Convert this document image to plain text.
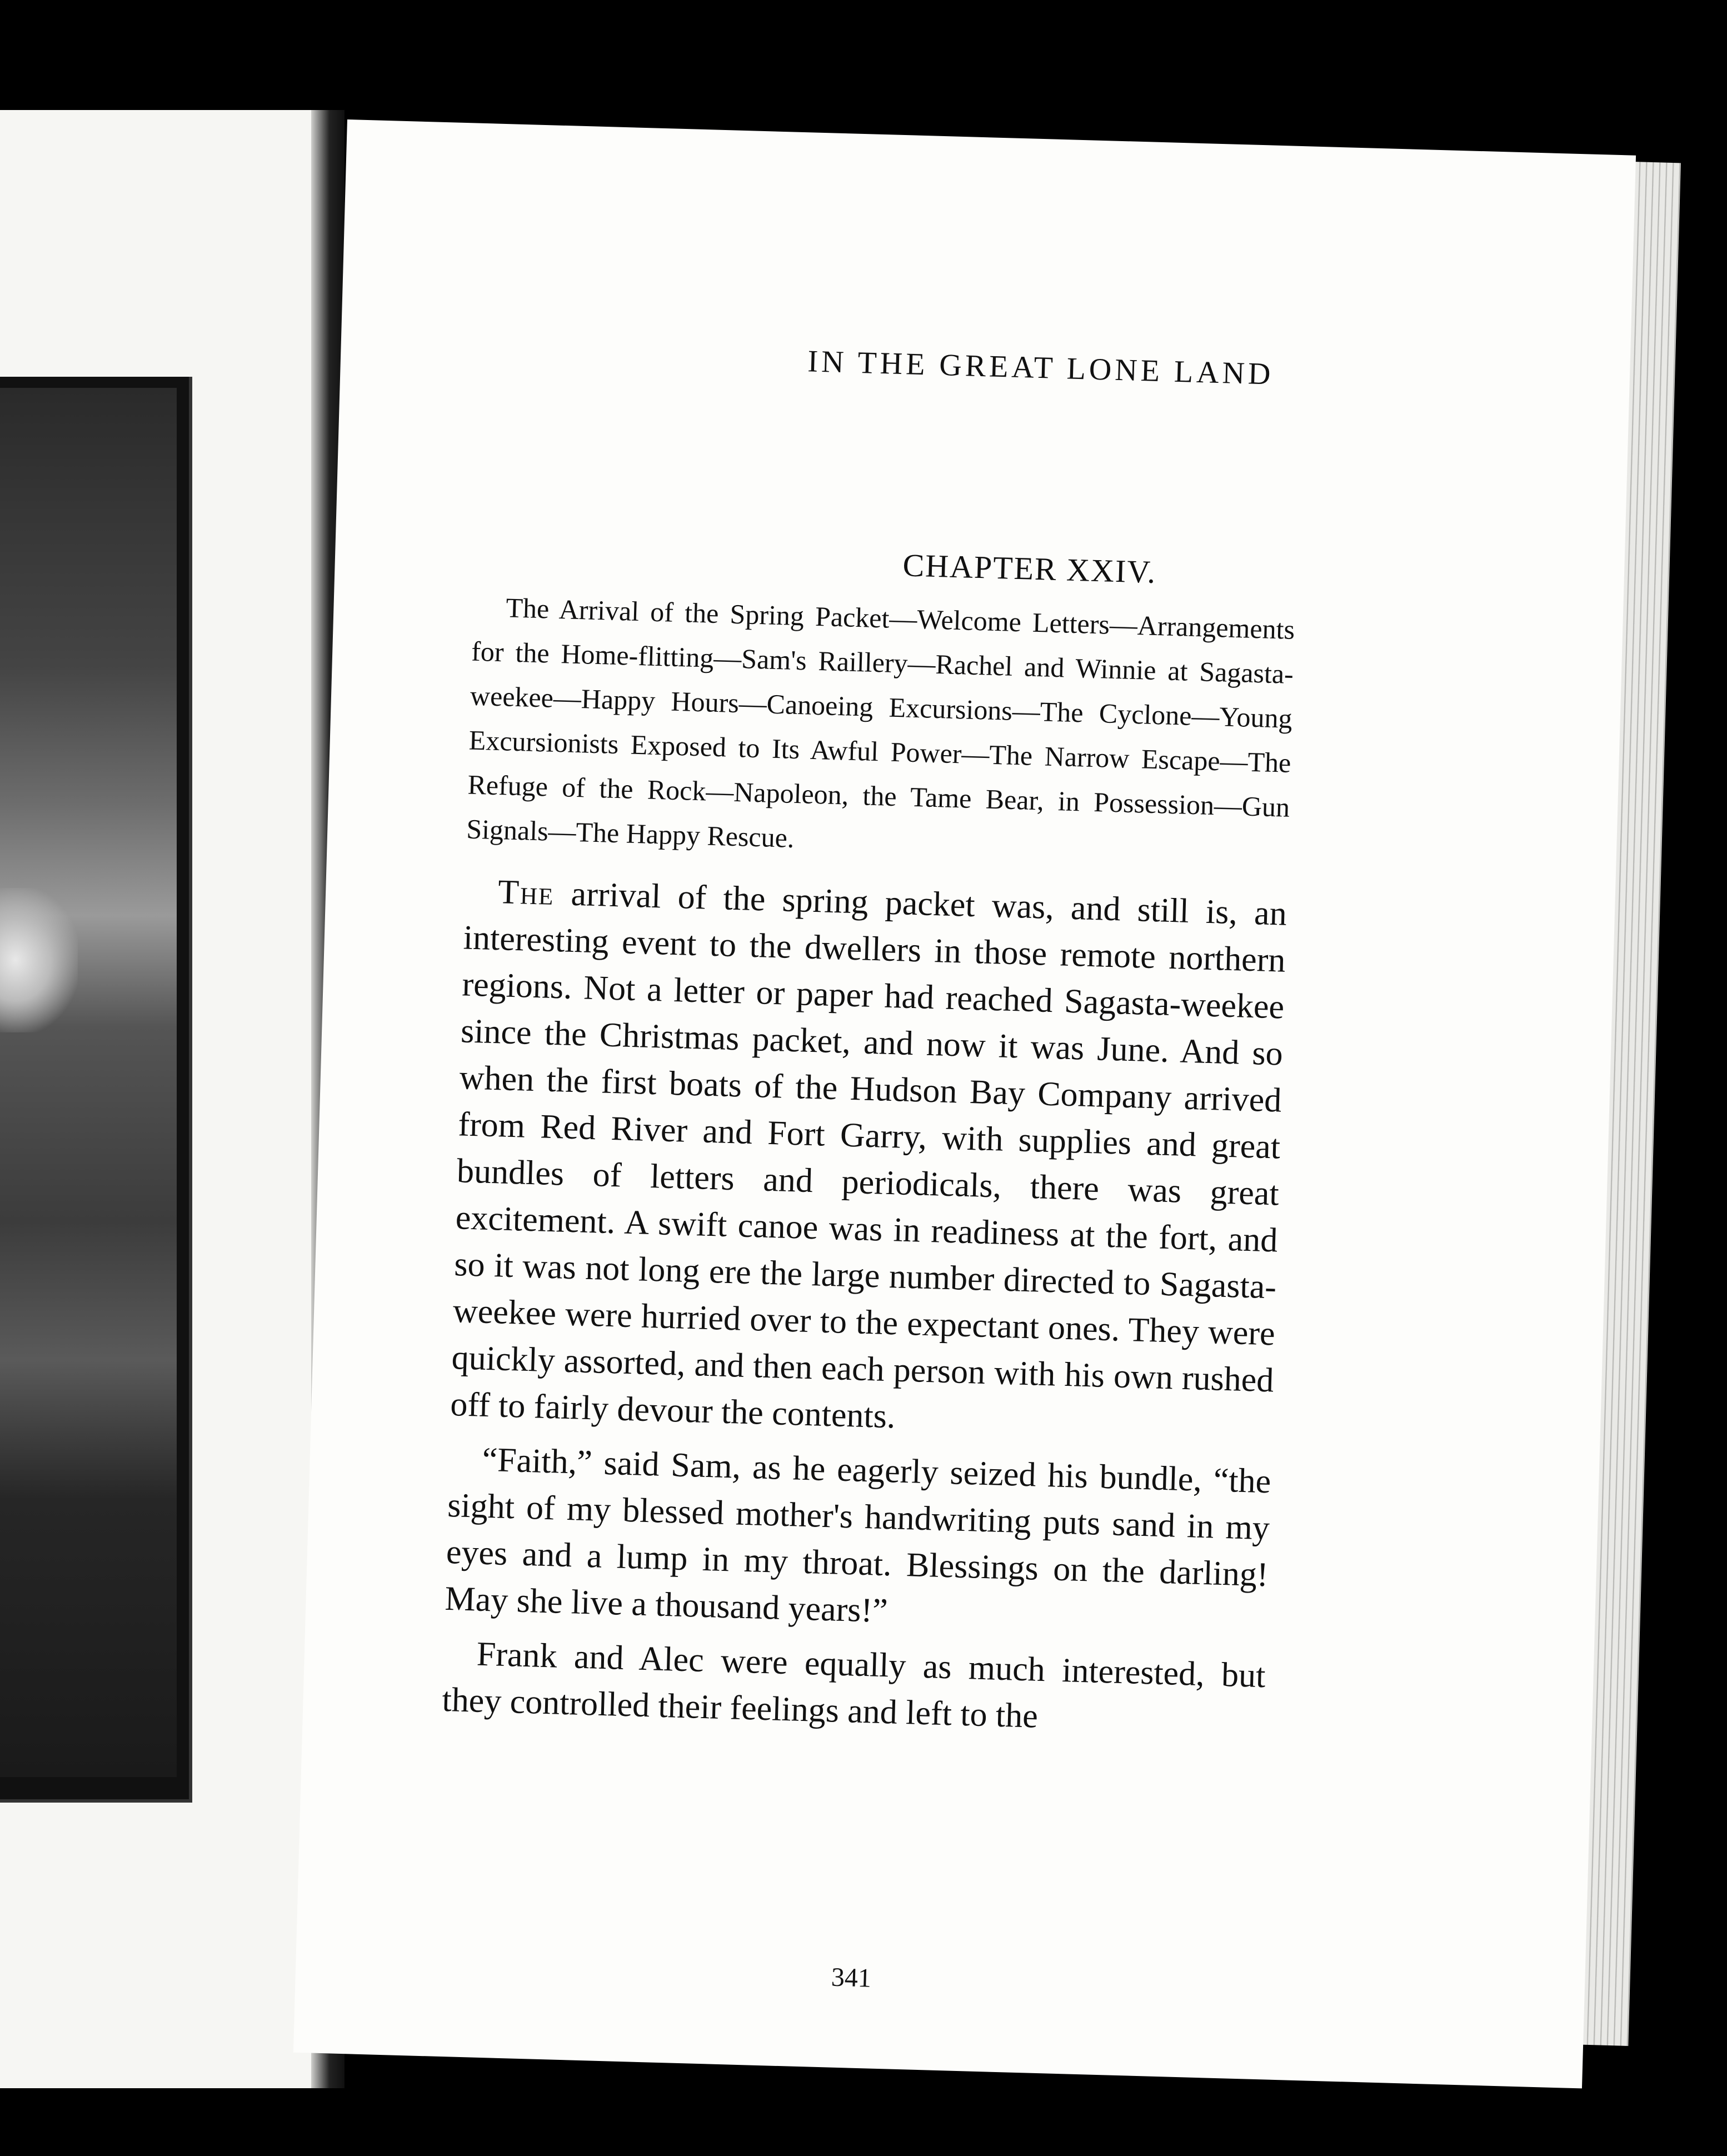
IN THE GREAT LONE LAND
CHAPTER XXIV.
The Arrival of the Spring Packet—Welcome Letters—Arrangements for the Home-flitting—Sam's Raillery—Rachel and Winnie at Sagasta-weekee—Happy Hours—Canoeing Excursions—The Cyclone—Young Excursionists Exposed to Its Awful Power—The Narrow Escape—The Refuge of the Rock—Napoleon, the Tame Bear, in Possession—Gun Signals—The Happy Rescue.

The arrival of the spring packet was, and still is, an interesting event to the dwellers in those remote northern regions. Not a letter or paper had reached Sagasta-weekee since the Christmas packet, and now it was June. And so when the first boats of the Hudson Bay Company arrived from Red River and Fort Garry, with supplies and great bundles of letters and periodicals, there was great excitement. A swift canoe was in readiness at the fort, and so it was not long ere the large number directed to Sagasta-weekee were hurried over to the expectant ones. They were quickly assorted, and then each person with his own rushed off to fairly devour the contents.

“Faith,” said Sam, as he eagerly seized his bundle, “the sight of my blessed mother's handwriting puts sand in my eyes and a lump in my throat. Blessings on the darling! May she live a thousand years!”

Frank and Alec were equally as much interested, but they controlled their feelings and left to the

341
